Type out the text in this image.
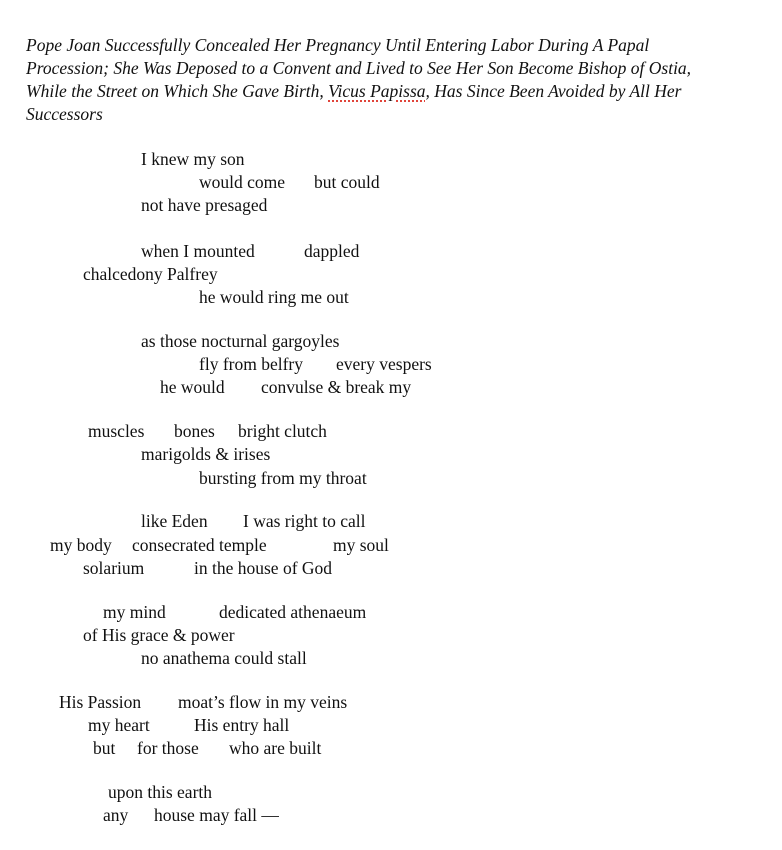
Pope Joan Successfully Concealed Her Pregnancy Until Entering Labor During A Papal
Procession; She Was Deposed to a Convent and Lived to See Her Son Become Bishop of Ostia,
While the Street on Which She Gave Birth, Vicus Papissa, Has Since Been Avoided by All Her
Successors
I knew my son
would come but could
not have presaged
when I mounted	dappled
chalcedony Palfrey
he would ring me out
as those nocturnal gargoyles
fly from belfry every vespers
he would convulse & break my
muscles bones bright clutch
marigolds & irises
bursting from my throat
like Eden I was right to call
my body consecrated temple	my soul
solarium	in the house of God
my mind	dedicated athenaeum
of His grace & power
no anathema could stall
His Passion moat’s flow in my veins
my heart	His entry hall
but for those who are built
upon this earth
any house may fall —
